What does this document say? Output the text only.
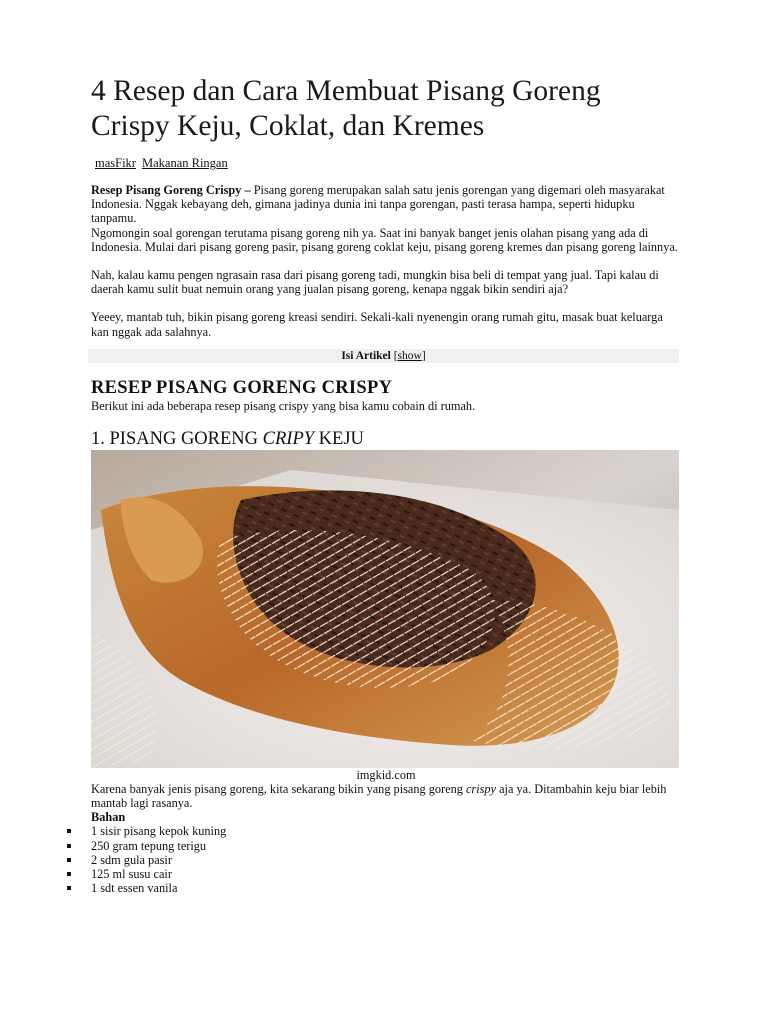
4 Resep dan Cara Membuat Pisang Goreng Crispy Keju, Coklat, dan Kremes
masFikr Makanan Ringan

Resep Pisang Goreng Crispy – Pisang goreng merupakan salah satu jenis gorengan yang digemari oleh masyarakat Indonesia. Nggak kebayang deh, gimana jadinya dunia ini tanpa gorengan, pasti terasa hampa, seperti hidupku tanpamu.

Ngomongin soal gorengan terutama pisang goreng nih ya. Saat ini banyak banget jenis olahan pisang yang ada di Indonesia. Mulai dari pisang goreng pasir, pisang goreng coklat keju, pisang goreng kremes dan pisang goreng lainnya.

Nah, kalau kamu pengen ngrasain rasa dari pisang goreng tadi, mungkin bisa beli di tempat yang jual. Tapi kalau di daerah kamu sulit buat nemuin orang yang jualan pisang goreng, kenapa nggak bikin sendiri aja?

Yeeey, mantab tuh, bikin pisang goreng kreasi sendiri. Sekali-kali nyenengin orang rumah gitu, masak buat keluarga kan nggak ada salahnya.

Isi Artikel [show]
RESEP PISANG GORENG CRISPY

Berikut ini ada beberapa resep pisang crispy yang bisa kamu cobain di rumah.

1. PISANG GORENG CRIPY KEJU
imgkid.com

Karena banyak jenis pisang goreng, kita sekarang bikin yang pisang goreng crispy aja ya. Ditambahin keju biar lebih mantab lagi rasanya.

Bahan
1 sisir pisang kepok kuning
250 gram tepung terigu
2 sdm gula pasir
125 ml susu cair
1 sdt essen vanila
